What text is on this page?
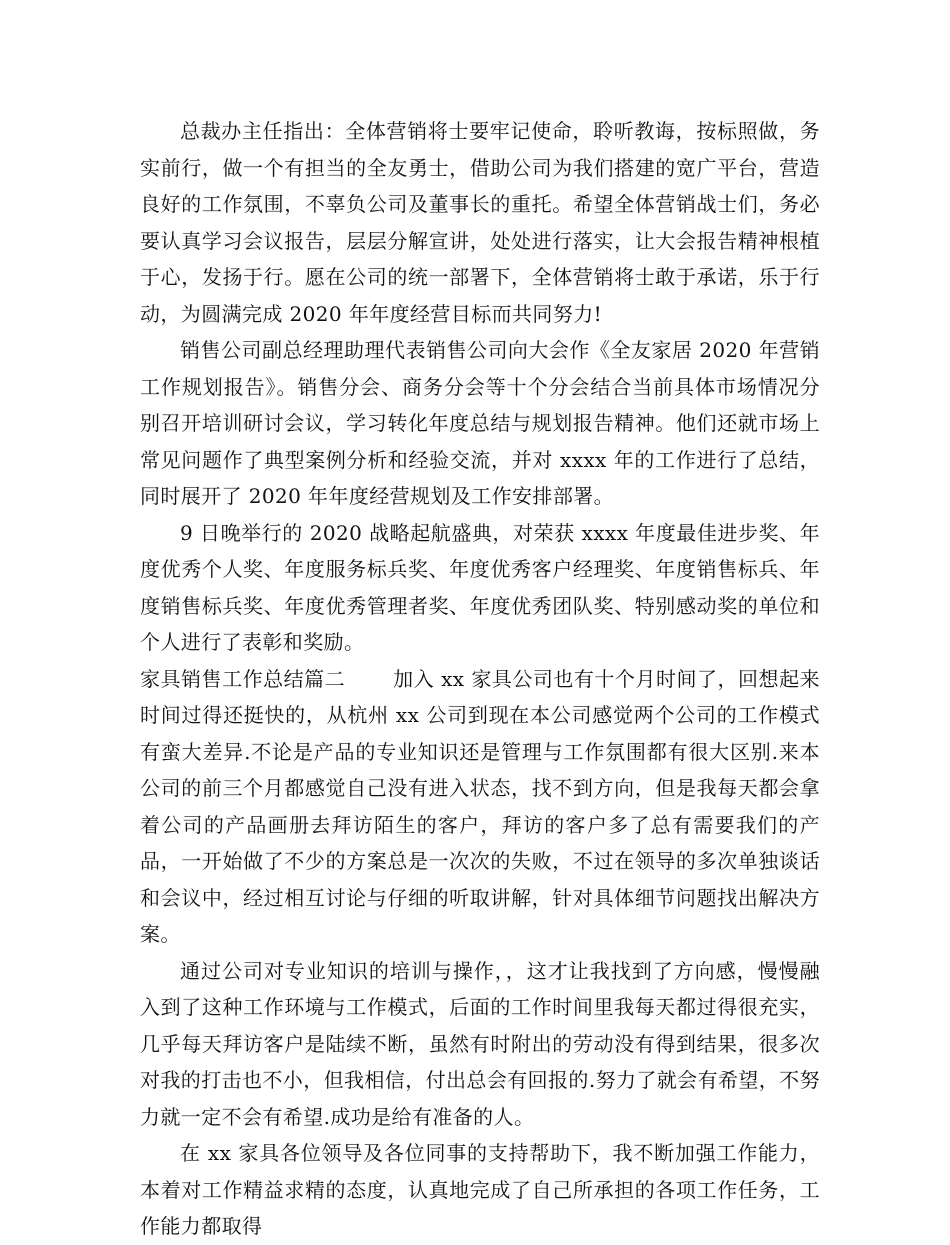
总裁办主任指出：全体营销将士要牢记使命，聆听教诲，按标照做，务实前行，做一个有担当的全友勇士，借助公司为我们搭建的宽广平台，营造良好的工作氛围，不辜负公司及董事长的重托。希望全体营销战士们，务必要认真学习会议报告，层层分解宣讲，处处进行落实，让大会报告精神根植于心，发扬于行。愿在公司的统一部署下，全体营销将士敢于承诺，乐于行动，为圆满完成 2020 年年度经营目标而共同努力!

销售公司副总经理助理代表销售公司向大会作《全友家居 2020 年营销工作规划报告》。销售分会、商务分会等十个分会结合当前具体市场情况分别召开培训研讨会议，学习转化年度总结与规划报告精神。他们还就市场上常见问题作了典型案例分析和经验交流，并对 xxxx 年的工作进行了总结，同时展开了 2020 年年度经营规划及工作安排部署。

9 日晚举行的 2020 战略起航盛典，对荣获 xxxx 年度最佳进步奖、年度优秀个人奖、年度服务标兵奖、年度优秀客户经理奖、年度销售标兵、年度销售标兵奖、年度优秀管理者奖、年度优秀团队奖、特别感动奖的单位和个人进行了表彰和奖励。

家具销售工作总结篇二 加入 xx 家具公司也有十个月时间了，回想起来时间过得还挺快的，从杭州 xx 公司到现在本公司感觉两个公司的工作模式有蛮大差异.不论是产品的专业知识还是管理与工作氛围都有很大区别.来本公司的前三个月都感觉自己没有进入状态，找不到方向，但是我每天都会拿着公司的产品画册去拜访陌生的客户，拜访的客户多了总有需要我们的产品，一开始做了不少的方案总是一次次的失败，不过在领导的多次单独谈话和会议中，经过相互讨论与仔细的听取讲解，针对具体细节问题找出解决方案。

通过公司对专业知识的培训与操作，，这才让我找到了方向感，慢慢融入到了这种工作环境与工作模式，后面的工作时间里我每天都过得很充实，几乎每天拜访客户是陆续不断，虽然有时附出的劳动没有得到结果，很多次对我的打击也不小，但我相信，付出总会有回报的.努力了就会有希望，不努力就一定不会有希望.成功是给有准备的人。

在 xx 家具各位领导及各位同事的支持帮助下，我不断加强工作能力，本着对工作精益求精的态度，认真地完成了自己所承担的各项工作任务，工作能力都取得
